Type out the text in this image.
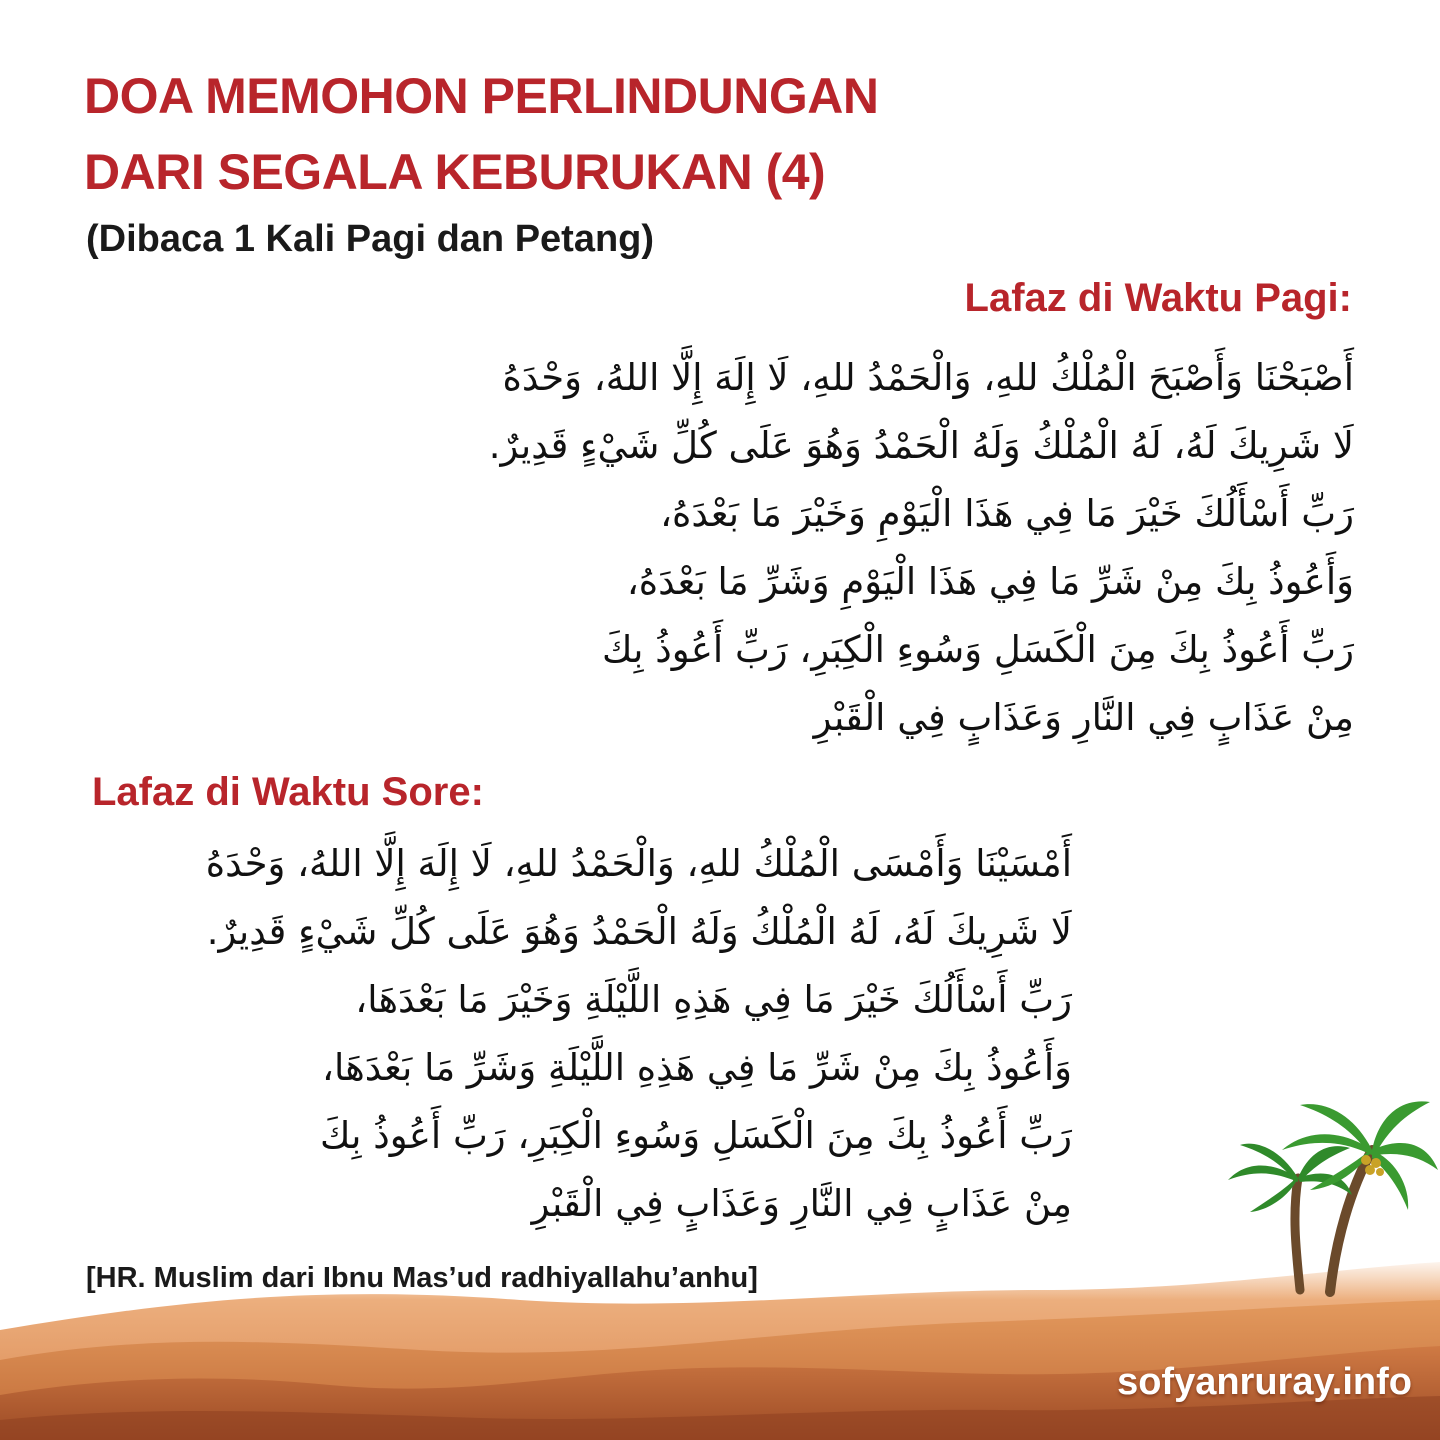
DOA MEMOHON PERLINDUNGAN
DARI SEGALA KEBURUKAN (4)
(Dibaca 1 Kali Pagi dan Petang)
Lafaz di Waktu Pagi:
أَصْبَحْنَا وَأَصْبَحَ الْمُلْكُ للهِ، وَالْحَمْدُ للهِ، لَا إِلَهَ إِلَّا اللهُ، وَحْدَهُ
لَا شَرِيكَ لَهُ، لَهُ الْمُلْكُ وَلَهُ الْحَمْدُ وَهُوَ عَلَى كُلِّ شَيْءٍ قَدِيرٌ.
رَبِّ أَسْأَلُكَ خَيْرَ مَا فِي هَذَا الْيَوْمِ وَخَيْرَ مَا بَعْدَهُ،
وَأَعُوذُ بِكَ مِنْ شَرِّ مَا فِي هَذَا الْيَوْمِ وَشَرِّ مَا بَعْدَهُ،
رَبِّ أَعُوذُ بِكَ مِنَ الْكَسَلِ وَسُوءِ الْكِبَرِ، رَبِّ أَعُوذُ بِكَ
مِنْ عَذَابٍ فِي النَّارِ وَعَذَابٍ فِي الْقَبْرِ
Lafaz di Waktu Sore:
أَمْسَيْنَا وَأَمْسَى الْمُلْكُ للهِ، وَالْحَمْدُ للهِ، لَا إِلَهَ إِلَّا اللهُ، وَحْدَهُ
لَا شَرِيكَ لَهُ، لَهُ الْمُلْكُ وَلَهُ الْحَمْدُ وَهُوَ عَلَى كُلِّ شَيْءٍ قَدِيرٌ.
رَبِّ أَسْأَلُكَ خَيْرَ مَا فِي هَذِهِ اللَّيْلَةِ وَخَيْرَ مَا بَعْدَهَا،
وَأَعُوذُ بِكَ مِنْ شَرِّ مَا فِي هَذِهِ اللَّيْلَةِ وَشَرِّ مَا بَعْدَهَا،
رَبِّ أَعُوذُ بِكَ مِنَ الْكَسَلِ وَسُوءِ الْكِبَرِ، رَبِّ أَعُوذُ بِكَ
مِنْ عَذَابٍ فِي النَّارِ وَعَذَابٍ فِي الْقَبْرِ
[HR. Muslim dari Ibnu Mas’ud radhiyallahu’anhu]
sofyanruray.info
